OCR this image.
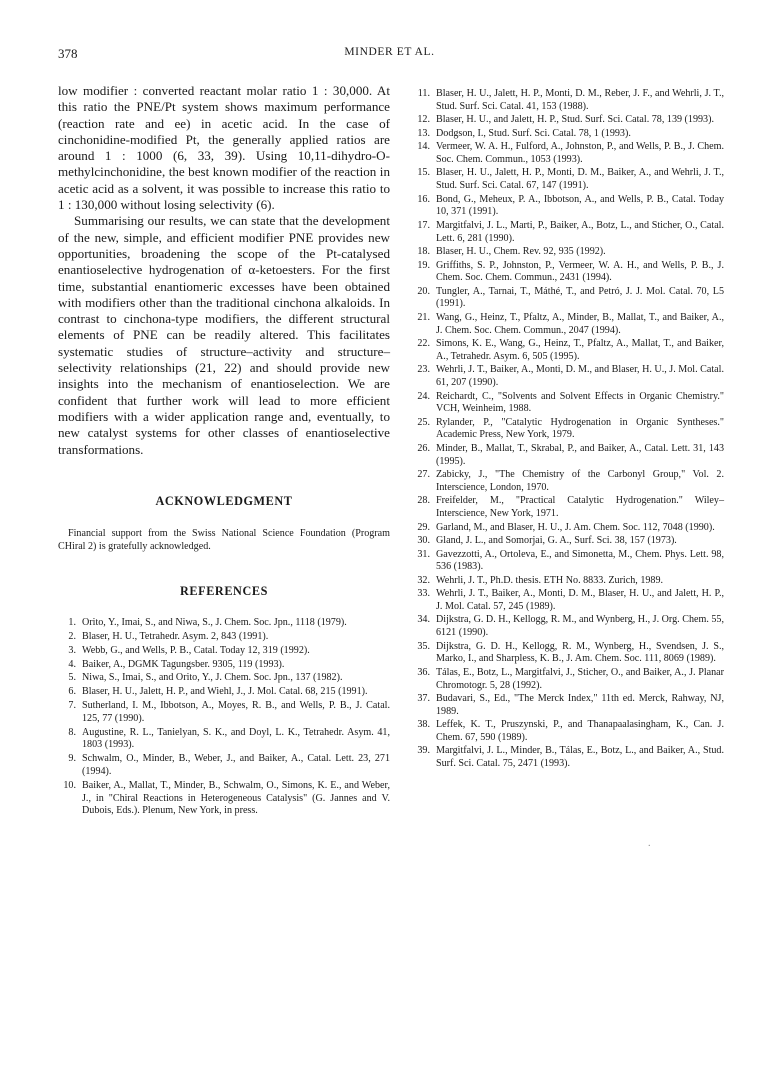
378	MINDER ET AL.

low modifier : converted reactant molar ratio 1 : 30,000. At this ratio the PNE/Pt system shows maximum performance (reaction rate and ee) in acetic acid. In the case of cinchonidine-modified Pt, the generally applied ratios are around 1 : 1000 (6, 33, 39). Using 10,11-dihydro-O-methylcinchonidine, the best known modifier of the reaction in acetic acid as a solvent, it was possible to increase this ratio to 1 : 130,000 without losing selectivity (6).

Summarising our results, we can state that the development of the new, simple, and efficient modifier PNE provides new opportunities, broadening the scope of the Pt-catalysed enantioselective hydrogenation of α-ketoesters. For the first time, substantial enantiomeric excesses have been obtained with modifiers other than the traditional cinchona alkaloids. In contrast to cinchona-type modifiers, the different structural elements of PNE can be readily altered. This facilitates systematic studies of structure–activity and structure–selectivity relationships (21, 22) and should provide new insights into the mechanism of enantioselection. We are confident that further work will lead to more efficient modifiers with a wider application range and, eventually, to new catalyst systems for other classes of enantioselective transformations.

ACKNOWLEDGMENT

Financial support from the Swiss National Science Foundation (Program CHiral 2) is gratefully acknowledged.

REFERENCES
1. Orito, Y., Imai, S., and Niwa, S., J. Chem. Soc. Jpn., 1118 (1979).
2. Blaser, H. U., Tetrahedr. Asym. 2, 843 (1991).
3. Webb, G., and Wells, P. B., Catal. Today 12, 319 (1992).
4. Baiker, A., DGMK Tagungsber. 9305, 119 (1993).
5. Niwa, S., Imai, S., and Orito, Y., J. Chem. Soc. Jpn., 137 (1982).
6. Blaser, H. U., Jalett, H. P., and Wiehl, J., J. Mol. Catal. 68, 215 (1991).
7. Sutherland, I. M., Ibbotson, A., Moyes, R. B., and Wells, P. B., J. Catal. 125, 77 (1990).
8. Augustine, R. L., Tanielyan, S. K., and Doyl, L. K., Tetrahedr. Asym. 41, 1803 (1993).
9. Schwalm, O., Minder, B., Weber, J., and Baiker, A., Catal. Lett. 23, 271 (1994).
10. Baiker, A., Mallat, T., Minder, B., Schwalm, O., Simons, K. E., and Weber, J., in "Chiral Reactions in Heterogeneous Catalysis" (G. Jannes and V. Dubois, Eds.). Plenum, New York, in press.
11. Blaser, H. U., Jalett, H. P., Monti, D. M., Reber, J. F., and Wehrli, J. T., Stud. Surf. Sci. Catal. 41, 153 (1988).
12. Blaser, H. U., and Jalett, H. P., Stud. Surf. Sci. Catal. 78, 139 (1993).
13. Dodgson, I., Stud. Surf. Sci. Catal. 78, 1 (1993).
14. Vermeer, W. A. H., Fulford, A., Johnston, P., and Wells, P. B., J. Chem. Soc. Chem. Commun., 1053 (1993).
15. Blaser, H. U., Jalett, H. P., Monti, D. M., Baiker, A., and Wehrli, J. T., Stud. Surf. Sci. Catal. 67, 147 (1991).
16. Bond, G., Meheux, P. A., Ibbotson, A., and Wells, P. B., Catal. Today 10, 371 (1991).
17. Margitfalvi, J. L., Marti, P., Baiker, A., Botz, L., and Sticher, O., Catal. Lett. 6, 281 (1990).
18. Blaser, H. U., Chem. Rev. 92, 935 (1992).
19. Griffiths, S. P., Johnston, P., Vermeer, W. A. H., and Wells, P. B., J. Chem. Soc. Chem. Commun., 2431 (1994).
20. Tungler, A., Tarnai, T., Máthé, T., and Petró, J. J. Mol. Catal. 70, L5 (1991).
21. Wang, G., Heinz, T., Pfaltz, A., Minder, B., Mallat, T., and Baiker, A., J. Chem. Soc. Chem. Commun., 2047 (1994).
22. Simons, K. E., Wang, G., Heinz, T., Pfaltz, A., Mallat, T., and Baiker, A., Tetrahedr. Asym. 6, 505 (1995).
23. Wehrli, J. T., Baiker, A., Monti, D. M., and Blaser, H. U., J. Mol. Catal. 61, 207 (1990).
24. Reichardt, C., "Solvents and Solvent Effects in Organic Chemistry." VCH, Weinheim, 1988.
25. Rylander, P., "Catalytic Hydrogenation in Organic Syntheses." Academic Press, New York, 1979.
26. Minder, B., Mallat, T., Skrabal, P., and Baiker, A., Catal. Lett. 31, 143 (1995).
27. Zabicky, J., "The Chemistry of the Carbonyl Group," Vol. 2. Interscience, London, 1970.
28. Freifelder, M., "Practical Catalytic Hydrogenation." Wiley–Interscience, New York, 1971.
29. Garland, M., and Blaser, H. U., J. Am. Chem. Soc. 112, 7048 (1990).
30. Gland, J. L., and Somorjai, G. A., Surf. Sci. 38, 157 (1973).
31. Gavezzotti, A., Ortoleva, E., and Simonetta, M., Chem. Phys. Lett. 98, 536 (1983).
32. Wehrli, J. T., Ph.D. thesis. ETH No. 8833. Zurich, 1989.
33. Wehrli, J. T., Baiker, A., Monti, D. M., Blaser, H. U., and Jalett, H. P., J. Mol. Catal. 57, 245 (1989).
34. Dijkstra, G. D. H., Kellogg, R. M., and Wynberg, H., J. Org. Chem. 55, 6121 (1990).
35. Dijkstra, G. D. H., Kellogg, R. M., Wynberg, H., Svendsen, J. S., Marko, I., and Sharpless, K. B., J. Am. Chem. Soc. 111, 8069 (1989).
36. Tálas, E., Botz, L., Margitfalvi, J., Sticher, O., and Baiker, A., J. Planar Chromotogr. 5, 28 (1992).
37. Budavari, S., Ed., "The Merck Index," 11th ed. Merck, Rahway, NJ, 1989.
38. Leffek, K. T., Pruszynski, P., and Thanapaalasingham, K., Can. J. Chem. 67, 590 (1989).
39. Margitfalvi, J. L., Minder, B., Tálas, E., Botz, L., and Baiker, A., Stud. Surf. Sci. Catal. 75, 2471 (1993).
.
